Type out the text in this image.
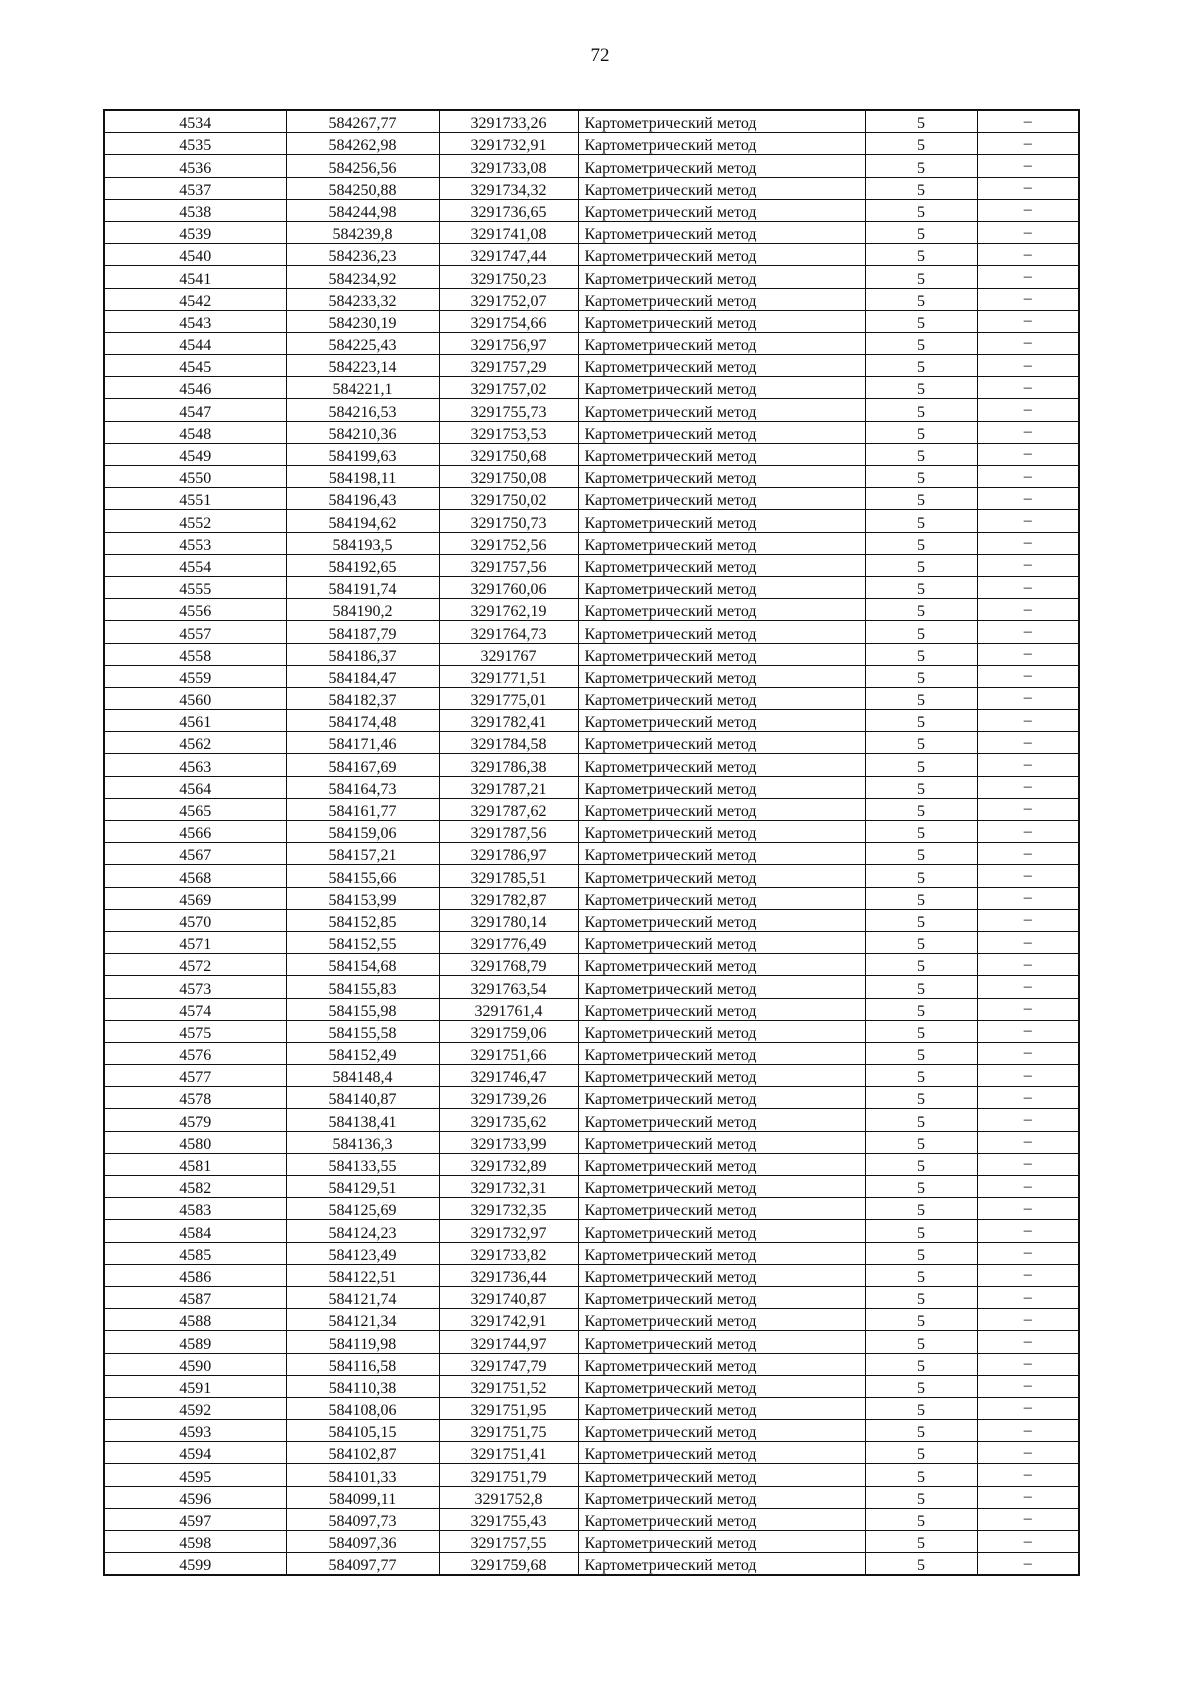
72
4534	584267,77	3291733,26	Картометрический метод	5	–
4535	584262,98	3291732,91	Картометрический метод	5	–
4536	584256,56	3291733,08	Картометрический метод	5	–
4537	584250,88	3291734,32	Картометрический метод	5	–
4538	584244,98	3291736,65	Картометрический метод	5	–
4539	584239,8	3291741,08	Картометрический метод	5	–
4540	584236,23	3291747,44	Картометрический метод	5	–
4541	584234,92	3291750,23	Картометрический метод	5	–
4542	584233,32	3291752,07	Картометрический метод	5	–
4543	584230,19	3291754,66	Картометрический метод	5	–
4544	584225,43	3291756,97	Картометрический метод	5	–
4545	584223,14	3291757,29	Картометрический метод	5	–
4546	584221,1	3291757,02	Картометрический метод	5	–
4547	584216,53	3291755,73	Картометрический метод	5	–
4548	584210,36	3291753,53	Картометрический метод	5	–
4549	584199,63	3291750,68	Картометрический метод	5	–
4550	584198,11	3291750,08	Картометрический метод	5	–
4551	584196,43	3291750,02	Картометрический метод	5	–
4552	584194,62	3291750,73	Картометрический метод	5	–
4553	584193,5	3291752,56	Картометрический метод	5	–
4554	584192,65	3291757,56	Картометрический метод	5	–
4555	584191,74	3291760,06	Картометрический метод	5	–
4556	584190,2	3291762,19	Картометрический метод	5	–
4557	584187,79	3291764,73	Картометрический метод	5	–
4558	584186,37	3291767	Картометрический метод	5	–
4559	584184,47	3291771,51	Картометрический метод	5	–
4560	584182,37	3291775,01	Картометрический метод	5	–
4561	584174,48	3291782,41	Картометрический метод	5	–
4562	584171,46	3291784,58	Картометрический метод	5	–
4563	584167,69	3291786,38	Картометрический метод	5	–
4564	584164,73	3291787,21	Картометрический метод	5	–
4565	584161,77	3291787,62	Картометрический метод	5	–
4566	584159,06	3291787,56	Картометрический метод	5	–
4567	584157,21	3291786,97	Картометрический метод	5	–
4568	584155,66	3291785,51	Картометрический метод	5	–
4569	584153,99	3291782,87	Картометрический метод	5	–
4570	584152,85	3291780,14	Картометрический метод	5	–
4571	584152,55	3291776,49	Картометрический метод	5	–
4572	584154,68	3291768,79	Картометрический метод	5	–
4573	584155,83	3291763,54	Картометрический метод	5	–
4574	584155,98	3291761,4	Картометрический метод	5	–
4575	584155,58	3291759,06	Картометрический метод	5	–
4576	584152,49	3291751,66	Картометрический метод	5	–
4577	584148,4	3291746,47	Картометрический метод	5	–
4578	584140,87	3291739,26	Картометрический метод	5	–
4579	584138,41	3291735,62	Картометрический метод	5	–
4580	584136,3	3291733,99	Картометрический метод	5	–
4581	584133,55	3291732,89	Картометрический метод	5	–
4582	584129,51	3291732,31	Картометрический метод	5	–
4583	584125,69	3291732,35	Картометрический метод	5	–
4584	584124,23	3291732,97	Картометрический метод	5	–
4585	584123,49	3291733,82	Картометрический метод	5	–
4586	584122,51	3291736,44	Картометрический метод	5	–
4587	584121,74	3291740,87	Картометрический метод	5	–
4588	584121,34	3291742,91	Картометрический метод	5	–
4589	584119,98	3291744,97	Картометрический метод	5	–
4590	584116,58	3291747,79	Картометрический метод	5	–
4591	584110,38	3291751,52	Картометрический метод	5	–
4592	584108,06	3291751,95	Картометрический метод	5	–
4593	584105,15	3291751,75	Картометрический метод	5	–
4594	584102,87	3291751,41	Картометрический метод	5	–
4595	584101,33	3291751,79	Картометрический метод	5	–
4596	584099,11	3291752,8	Картометрический метод	5	–
4597	584097,73	3291755,43	Картометрический метод	5	–
4598	584097,36	3291757,55	Картометрический метод	5	–
4599	584097,77	3291759,68	Картометрический метод	5	–
